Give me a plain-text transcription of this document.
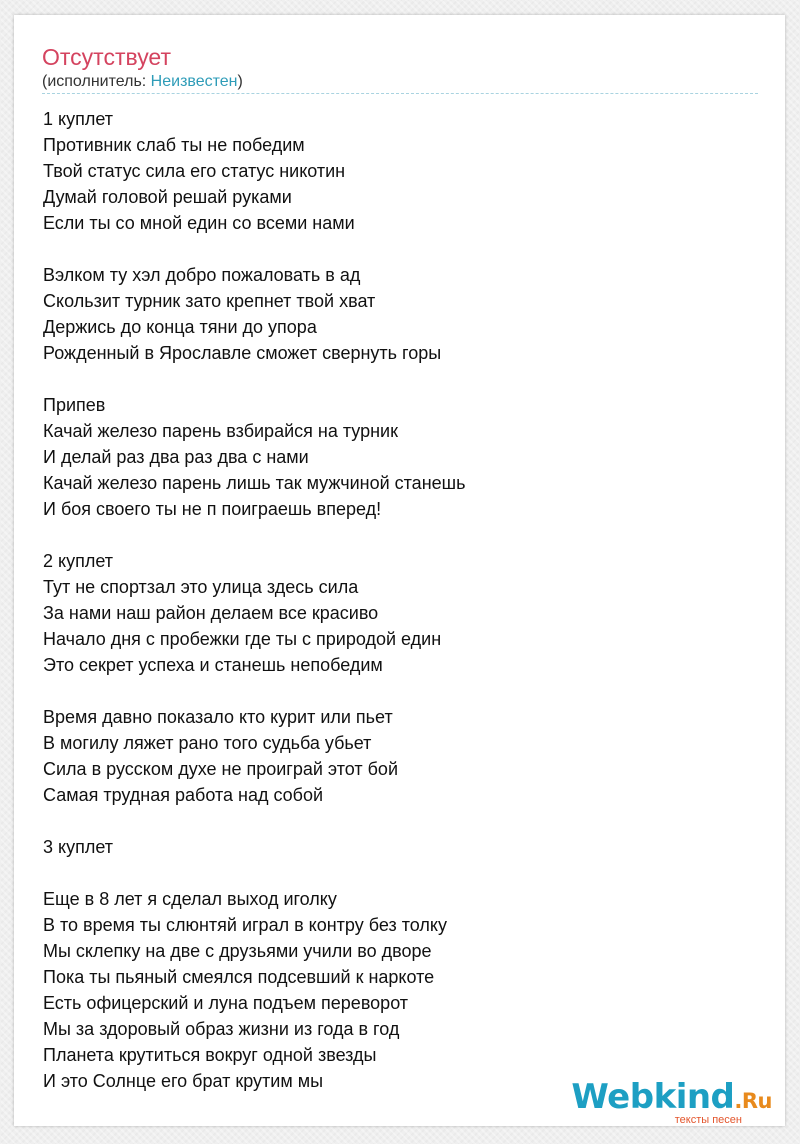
Отсутствует
(исполнитель: Неизвестен)
1 куплет
Противник слаб ты не победим
Твой статус сила его статус никотин
Думай головой решай руками
Если ты со мной един со всеми нами
Вэлком ту хэл добро пожаловать в ад
Скользит турник зато крепнет твой хват
Держись до конца тяни до упора
Рожденный в Ярославле сможет свернуть горы
Припев
Качай железо парень взбирайся на турник
И делай раз два раз два с нами
Качай железо парень лишь так мужчиной станешь
И боя своего ты не п поиграешь вперед!
2 куплет
Тут не спортзал это улица здесь сила
За нами наш район делаем все красиво
Начало дня с пробежки где ты с природой един
Это секрет успеха и станешь непобедим
Время давно показало кто курит или пьет
В могилу ляжет рано того судьба убьет
Сила в русском духе не проиграй этот бой
Самая трудная работа над собой
3 куплет
Еще в 8 лет я сделал выход иголку
В то время ты слюнтяй играл в контру без толку
Мы склепку на две с друзьями учили во дворе
Пока ты пьяный смеялся подсевший к наркоте
Есть офицерский и луна подъем переворот
Мы за здоровый образ жизни из года в год
Планета крутиться вокруг одной звезды
И это Солнце его брат крутим мы	Webkind.Ru
тексты песен
